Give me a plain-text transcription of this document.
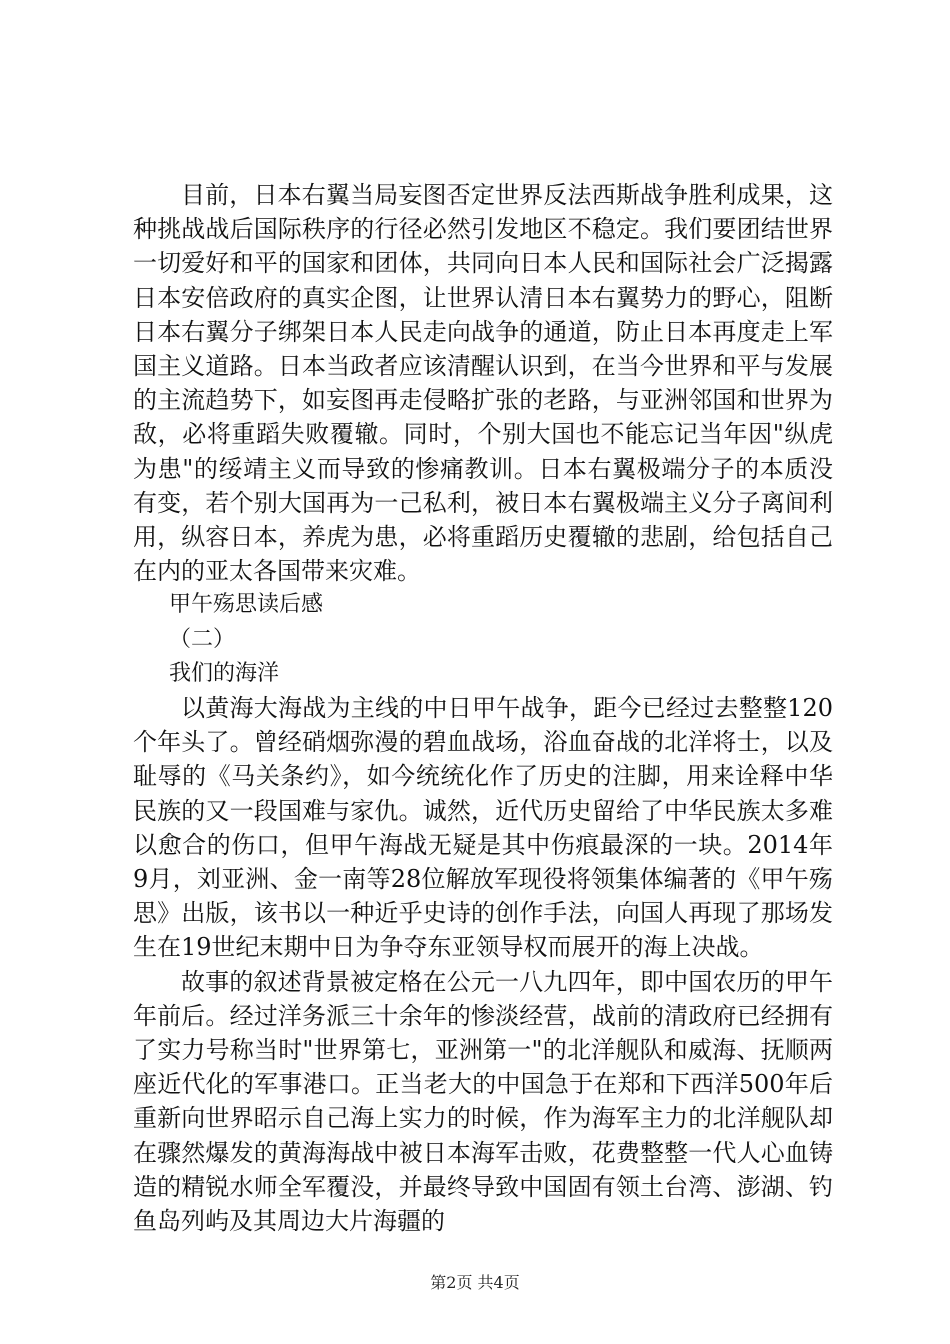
目前，日本右翼当局妄图否定世界反法西斯战争胜利成果，这种挑战战后国际秩序的行径必然引发地区不稳定。我们要团结世界一切爱好和平的国家和团体，共同向日本人民和国际社会广泛揭露日本安倍政府的真实企图，让世界认清日本右翼势力的野心，阻断日本右翼分子绑架日本人民走向战争的通道，防止日本再度走上军国主义道路。日本当政者应该清醒认识到，在当今世界和平与发展的主流趋势下，如妄图再走侵略扩张的老路，与亚洲邻国和世界为敌，必将重蹈失败覆辙。同时，个别大国也不能忘记当年因"纵虎为患"的绥靖主义而导致的惨痛教训。日本右翼极端分子的本质没有变，若个别大国再为一己私利，被日本右翼极端主义分子离间利用，纵容日本，养虎为患，必将重蹈历史覆辙的悲剧，给包括自己在内的亚太各国带来灾难。

甲午殇思读后感

（二）

我们的海洋

以黄海大海战为主线的中日甲午战争，距今已经过去整整120个年头了。曾经硝烟弥漫的碧血战场，浴血奋战的北洋将士，以及耻辱的《马关条约》，如今统统化作了历史的注脚，用来诠释中华民族的又一段国难与家仇。诚然，近代历史留给了中华民族太多难以愈合的伤口，但甲午海战无疑是其中伤痕最深的一块。2014年9月，刘亚洲、金一南等28位解放军现役将领集体编著的《甲午殇思》出版，该书以一种近乎史诗的创作手法，向国人再现了那场发生在19世纪末期中日为争夺东亚领导权而展开的海上决战。

故事的叙述背景被定格在公元一八九四年，即中国农历的甲午年前后。经过洋务派三十余年的惨淡经营，战前的清政府已经拥有了实力号称当时"世界第七，亚洲第一"的北洋舰队和威海、抚顺两座近代化的军事港口。正当老大的中国急于在郑和下西洋500年后重新向世界昭示自己海上实力的时候，作为海军主力的北洋舰队却在骤然爆发的黄海海战中被日本海军击败，花费整整一代人心血铸造的精锐水师全军覆没，并最终导致中国固有领土台湾、澎湖、钓鱼岛列屿及其周边大片海疆的

第2页 共4页
